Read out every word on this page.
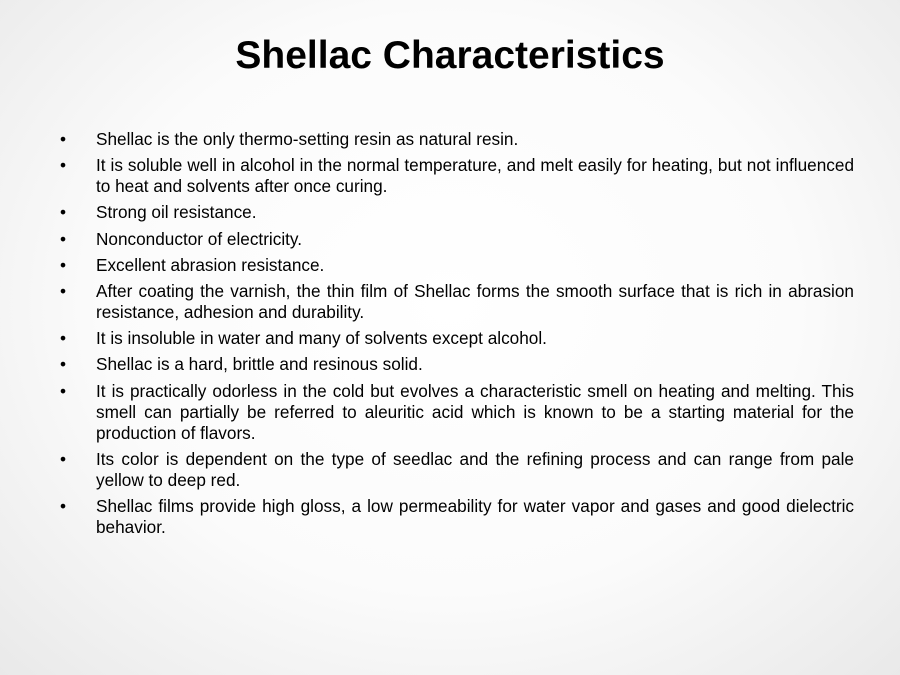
Shellac Characteristics
•	Shellac is the only thermo-setting resin as natural resin.
•	It is soluble well in alcohol in the normal temperature, and melt easily for heating, but not influenced to heat and solvents after once curing.
•	Strong oil resistance.
•	Nonconductor of electricity.
•	Excellent abrasion resistance.
•	After coating the varnish, the thin film of Shellac forms the smooth surface that is rich in abrasion resistance, adhesion and durability.
•	It is insoluble in water and many of solvents except alcohol.
•	Shellac is a hard, brittle and resinous solid.
•	It is practically odorless in the cold but evolves a characteristic smell on heating and melting. This smell can partially be referred to aleuritic acid which is known to be a starting material for the production of flavors.
•	Its color is dependent on the type of seedlac and the refining process and can range from pale yellow to deep red.
•	Shellac films provide high gloss, a low permeability for water vapor and gases and good dielectric behavior.
